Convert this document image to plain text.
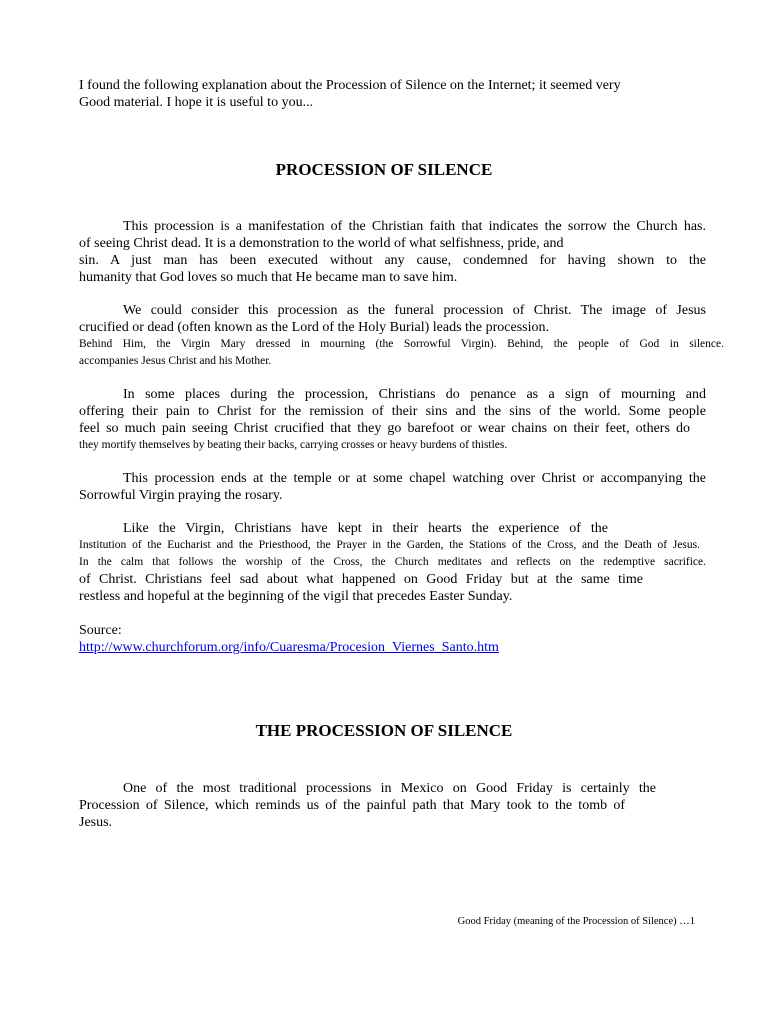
I found the following explanation about the Procession of Silence on the Internet; it seemed very
Good material. I hope it is useful to you...
PROCESSION OF SILENCE
This procession is a manifestation of the Christian faith that indicates the sorrow the Church has.
of seeing Christ dead. It is a demonstration to the world of what selfishness, pride, and
sin. A just man has been executed without any cause, condemned for having shown to the
humanity that God loves so much that He became man to save him.
We could consider this procession as the funeral procession of Christ. The image of Jesus
crucified or dead (often known as the Lord of the Holy Burial) leads the procession.
Behind Him, the Virgin Mary dressed in mourning (the Sorrowful Virgin). Behind, the people of God in silence.
accompanies Jesus Christ and his Mother.
In some places during the procession, Christians do penance as a sign of mourning and
offering their pain to Christ for the remission of their sins and the sins of the world. Some people
feel so much pain seeing Christ crucified that they go barefoot or wear chains on their feet, others do
they mortify themselves by beating their backs, carrying crosses or heavy burdens of thistles.
This procession ends at the temple or at some chapel watching over Christ or accompanying the
Sorrowful Virgin praying the rosary.
Like the Virgin, Christians have kept in their hearts the experience of the
Institution of the Eucharist and the Priesthood, the Prayer in the Garden, the Stations of the Cross, and the Death of Jesus.
In the calm that follows the worship of the Cross, the Church meditates and reflects on the redemptive sacrifice.
of Christ. Christians feel sad about what happened on Good Friday but at the same time
restless and hopeful at the beginning of the vigil that precedes Easter Sunday.
Source:
http://www.churchforum.org/info/Cuaresma/Procesion_Viernes_Santo.htm
THE PROCESSION OF SILENCE
One of the most traditional processions in Mexico on Good Friday is certainly the
Procession of Silence, which reminds us of the painful path that Mary took to the tomb of
Jesus.
Good Friday (meaning of the Procession of Silence) …1
